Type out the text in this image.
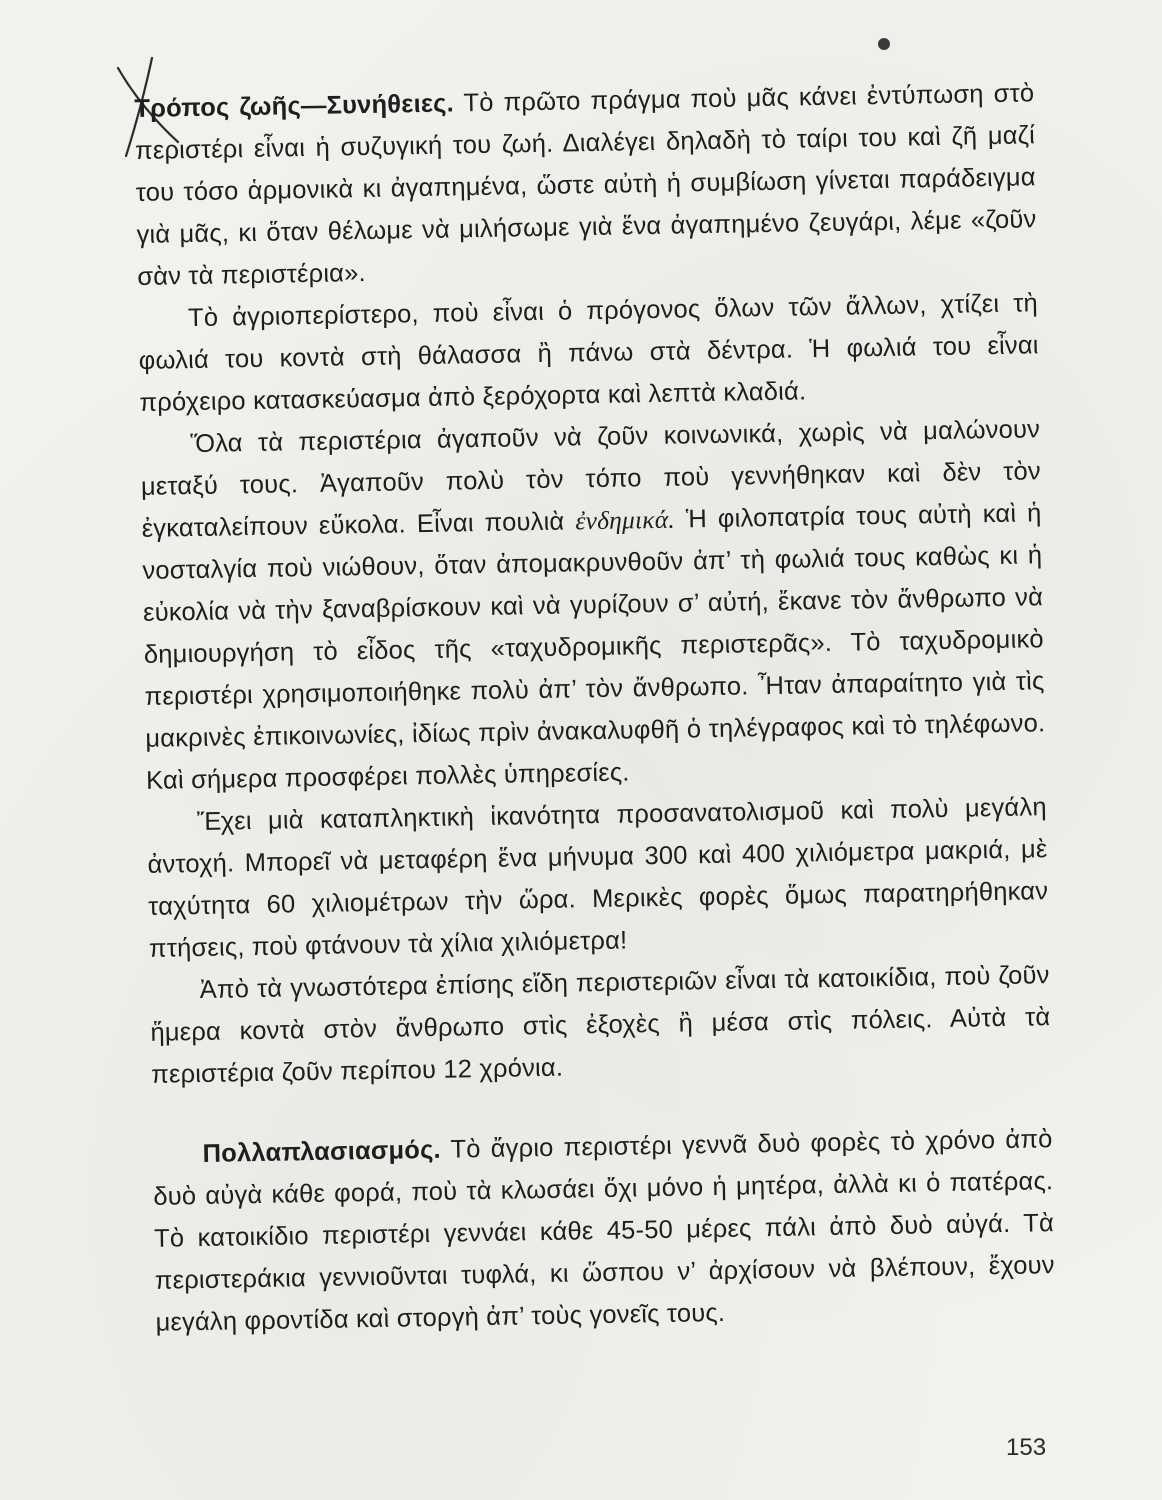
Τρόπος ζωῆς—Συνήθειες. Τὸ πρῶτο πράγμα ποὺ μᾶς κάνει ἐντύπωση στὸ περιστέρι εἶναι ἡ συζυγική του ζωή. Διαλέγει δηλαδὴ τὸ ταίρι του καὶ ζῆ μαζί του τόσο ἁρμονικὰ κι ἀγαπημένα, ὥστε αὐτὴ ἡ συμβίωση γίνεται παράδειγμα γιὰ μᾶς, κι ὅταν θέλωμε νὰ μιλήσωμε γιὰ ἕνα ἀγαπημένο ζευγάρι, λέμε «ζοῦν σὰν τὰ περιστέρια».

Τὸ ἀγριοπερίστερο, ποὺ εἶναι ὁ πρόγονος ὅλων τῶν ἄλλων, χτίζει τὴ φωλιά του κοντὰ στὴ θάλασσα ἢ πάνω στὰ δέντρα. Ἡ φωλιά του εἶναι πρόχειρο κατασκεύασμα ἀπὸ ξερόχορτα καὶ λεπτὰ κλαδιά.

Ὅλα τὰ περιστέρια ἀγαποῦν νὰ ζοῦν κοινωνικά, χωρὶς νὰ μαλώνουν μεταξύ τους. Ἀγαποῦν πολὺ τὸν τόπο ποὺ γεννήθηκαν καὶ δὲν τὸν ἐγκαταλείπουν εὔκολα. Εἶναι πουλιὰ ἐνδημικά. Ἡ φιλοπατρία τους αὐτὴ καὶ ἡ νοσταλγία ποὺ νιώθουν, ὅταν ἀπομακρυνθοῦν ἀπ’ τὴ φωλιά τους καθὼς κι ἡ εὐκολία νὰ τὴν ξαναβρίσκουν καὶ νὰ γυρίζουν σ’ αὐτή, ἔκανε τὸν ἄνθρωπο νὰ δημιουργήση τὸ εἶδος τῆς «ταχυδρομικῆς περιστερᾶς». Τὸ ταχυδρομικὸ περιστέρι χρησιμοποιήθηκε πολὺ ἀπ’ τὸν ἄνθρωπο. Ἦταν ἀπαραίτητο γιὰ τὶς μακρινὲς ἐπικοινωνίες, ἰδίως πρὶν ἀνακαλυφθῆ ὁ τηλέγραφος καὶ τὸ τηλέφωνο. Καὶ σήμερα προσφέρει πολλὲς ὑπηρεσίες.

Ἔχει μιὰ καταπληκτικὴ ἱκανότητα προσανατολισμοῦ καὶ πολὺ μεγάλη ἀντοχή. Μπορεῖ νὰ μεταφέρη ἕνα μήνυμα 300 καὶ 400 χιλιόμετρα μακριά, μὲ ταχύτητα 60 χιλιομέτρων τὴν ὥρα. Μερικὲς φορὲς ὅμως παρατηρήθηκαν πτήσεις, ποὺ φτάνουν τὰ χίλια χιλιόμετρα!

Ἀπὸ τὰ γνωστότερα ἐπίσης εἴδη περιστεριῶν εἶναι τὰ κατοικίδια, ποὺ ζοῦν ἥμερα κοντὰ στὸν ἄνθρωπο στὶς ἐξοχὲς ἢ μέσα στὶς πόλεις. Αὐτὰ τὰ περιστέρια ζοῦν περίπου 12 χρόνια.

Πολλαπλασιασμός. Τὸ ἄγριο περιστέρι γεννᾶ δυὸ φορὲς τὸ χρόνο ἀπὸ δυὸ αὐγὰ κάθε φορά, ποὺ τὰ κλωσάει ὄχι μόνο ἡ μητέρα, ἀλλὰ κι ὁ πατέρας. Τὸ κατοικίδιο περιστέρι γεννάει κάθε 45-50 μέρες πάλι ἀπὸ δυὸ αὐγά. Τὰ περιστεράκια γεννιοῦνται τυφλά, κι ὥσπου ν’ ἀρχίσουν νὰ βλέπουν, ἔχουν μεγάλη φροντίδα καὶ στοργὴ ἀπ’ τοὺς γονεῖς τους.

153
